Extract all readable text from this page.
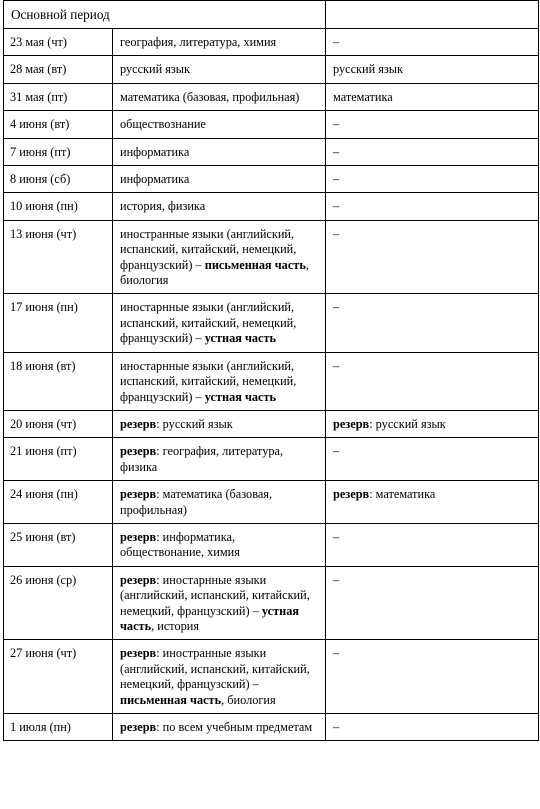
Основной период		
23 мая (чт)	география, литература, химия	–
28 мая (вт)	русский язык	русский язык
31 мая (пт)	математика (базовая, профильная)	математика
4 июня (вт)	обществознание	–
7 июня (пт)	информатика	–
8 июня (сб)	информатика	–
10 июня (пн)	история, физика	–
13 июня (чт)	иностранные языки (английский, испанский, китайский, немецкий, французский) – письменная часть, биология	–
17 июня (пн)	иностарнные языки (английский, испанский, китайский, немецкий, французский) – устная часть	–
18 июня (вт)	иностарнные языки (английский, испанский, китайский, немецкий, французский) – устная часть	–
20 июня (чт)	резерв: русский язык	резерв: русский язык
21 июня (пт)	резерв: география, литература, физика	–
24 июня (пн)	резерв: математика (базовая, профильная)	резерв: математика
25 июня (вт)	резерв: информатика, обществонание, химия	–
26 июня (ср)	резерв: иностарнные языки (английский, испанский, китайский, немецкий, французский) – устная часть, история	–
27 июня (чт)	резерв: иностранные языки (английский, испанский, китайский, немецкий, французский) – письменная часть, биология	–
1 июля (пн)	резерв: по всем учебным предметам	–
